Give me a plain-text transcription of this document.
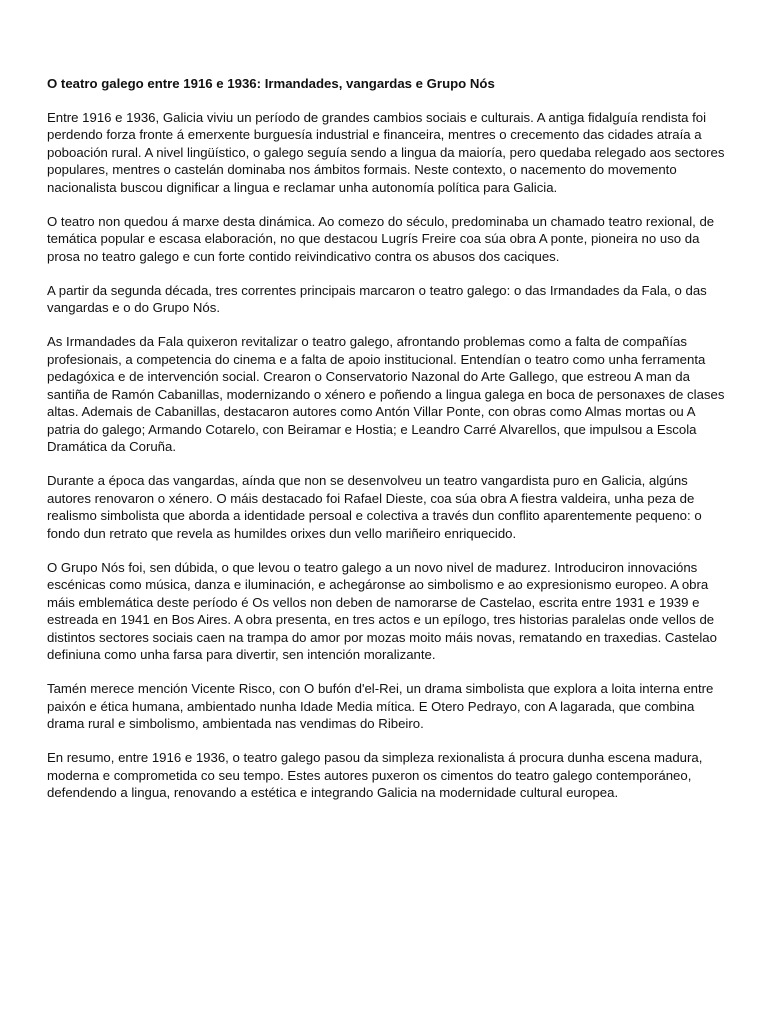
O teatro galego entre 1916 e 1936: Irmandades, vangardas e Grupo Nós

Entre 1916 e 1936, Galicia viviu un período de grandes cambios sociais e culturais. A antiga fidalguía rendista foi perdendo forza fronte á emerxente burguesía industrial e financeira, mentres o crecemento das cidades atraía a poboación rural. A nivel lingüístico, o galego seguía sendo a lingua da maioría, pero quedaba relegado aos sectores populares, mentres o castelán dominaba nos ámbitos formais. Neste contexto, o nacemento do movemento nacionalista buscou dignificar a lingua e reclamar unha autonomía política para Galicia.

O teatro non quedou á marxe desta dinámica. Ao comezo do século, predominaba un chamado teatro rexional, de temática popular e escasa elaboración, no que destacou Lugrís Freire coa súa obra A ponte, pioneira no uso da prosa no teatro galego e cun forte contido reivindicativo contra os abusos dos caciques.

A partir da segunda década, tres correntes principais marcaron o teatro galego: o das Irmandades da Fala, o das vangardas e o do Grupo Nós.

As Irmandades da Fala quixeron revitalizar o teatro galego, afrontando problemas como a falta de compañías profesionais, a competencia do cinema e a falta de apoio institucional. Entendían o teatro como unha ferramenta pedagóxica e de intervención social. Crearon o Conservatorio Nazonal do Arte Gallego, que estreou A man da santiña de Ramón Cabanillas, modernizando o xénero e poñendo a lingua galega en boca de personaxes de clases altas. Ademais de Cabanillas, destacaron autores como Antón Villar Ponte, con obras como Almas mortas ou A patria do galego; Armando Cotarelo, con Beiramar e Hostia; e Leandro Carré Alvarellos, que impulsou a Escola Dramática da Coruña.

Durante a época das vangardas, aínda que non se desenvolveu un teatro vangardista puro en Galicia, algúns autores renovaron o xénero. O máis destacado foi Rafael Dieste, coa súa obra A fiestra valdeira, unha peza de realismo simbolista que aborda a identidade persoal e colectiva a través dun conflito aparentemente pequeno: o fondo dun retrato que revela as humildes orixes dun vello mariñeiro enriquecido.

O Grupo Nós foi, sen dúbida, o que levou o teatro galego a un novo nivel de madurez. Introduciron innovacións escénicas como música, danza e iluminación, e achegáronse ao simbolismo e ao expresionismo europeo. A obra máis emblemática deste período é Os vellos non deben de namorarse de Castelao, escrita entre 1931 e 1939 e estreada en 1941 en Bos Aires. A obra presenta, en tres actos e un epílogo, tres historias paralelas onde vellos de distintos sectores sociais caen na trampa do amor por mozas moito máis novas, rematando en traxedias. Castelao definiuna como unha farsa para divertir, sen intención moralizante.

Tamén merece mención Vicente Risco, con O bufón d'el-Rei, un drama simbolista que explora a loita interna entre paixón e ética humana, ambientado nunha Idade Media mítica. E Otero Pedrayo, con A lagarada, que combina drama rural e simbolismo, ambientada nas vendimas do Ribeiro.

En resumo, entre 1916 e 1936, o teatro galego pasou da simpleza rexionalista á procura dunha escena madura, moderna e comprometida co seu tempo. Estes autores puxeron os cimentos do teatro galego contemporáneo, defendendo a lingua, renovando a estética e integrando Galicia na modernidade cultural europea.
